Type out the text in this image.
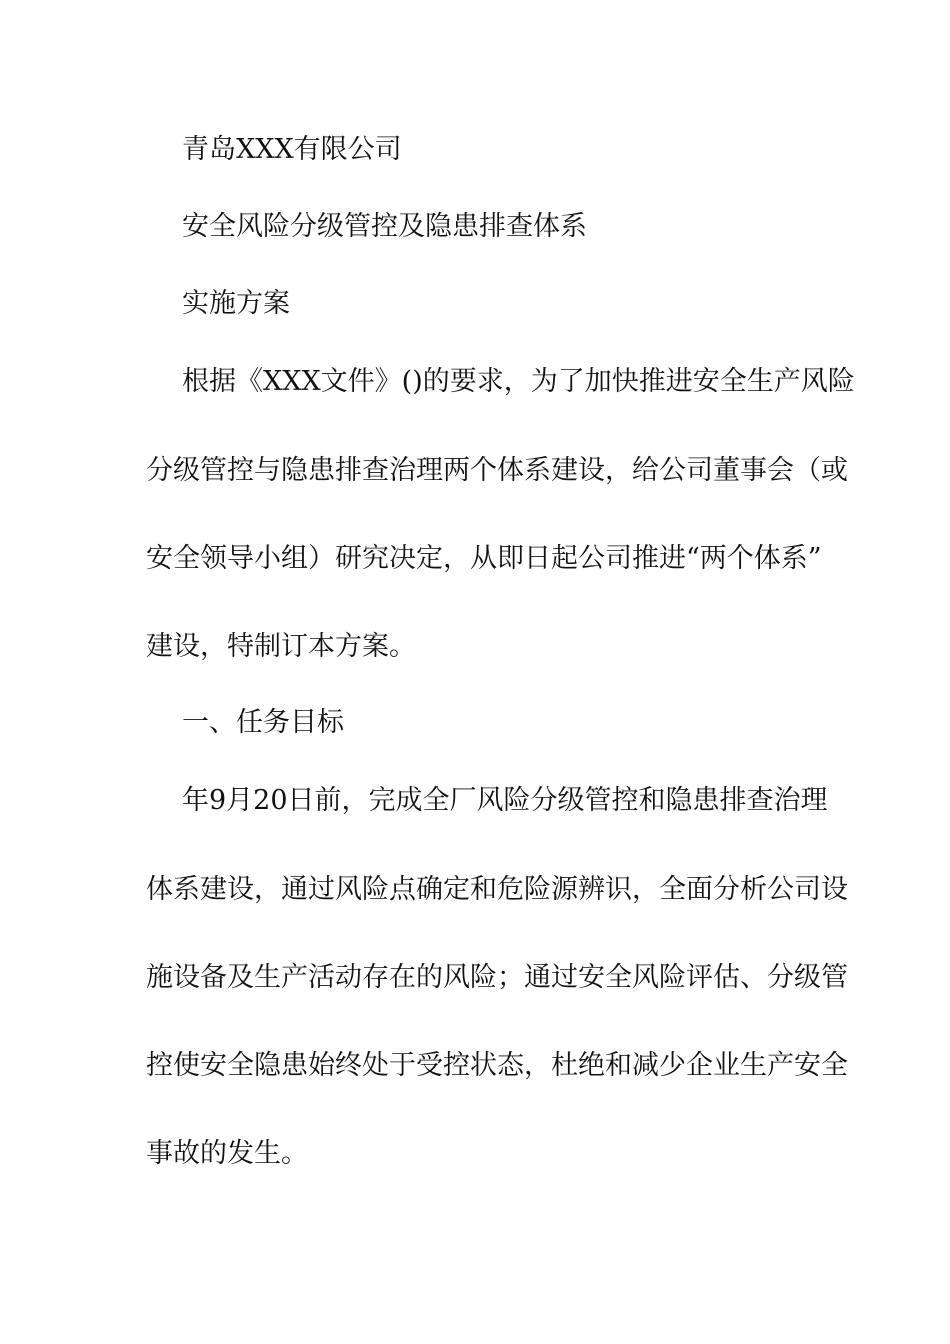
青岛XXX有限公司
安全风险分级管控及隐患排查体系
实施方案
根据《XXX文件》()的要求，为了加快推进安全生产风险
分级管控与隐患排查治理两个体系建设，给公司董事会（或
安全领导小组）研究决定，从即日起公司推进“两个体系”
建设，特制订本方案。
一、任务目标
年9月20日前，完成全厂风险分级管控和隐患排查治理
体系建设，通过风险点确定和危险源辨识，全面分析公司设
施设备及生产活动存在的风险；通过安全风险评估、分级管
控使安全隐患始终处于受控状态，杜绝和减少企业生产安全
事故的发生。
